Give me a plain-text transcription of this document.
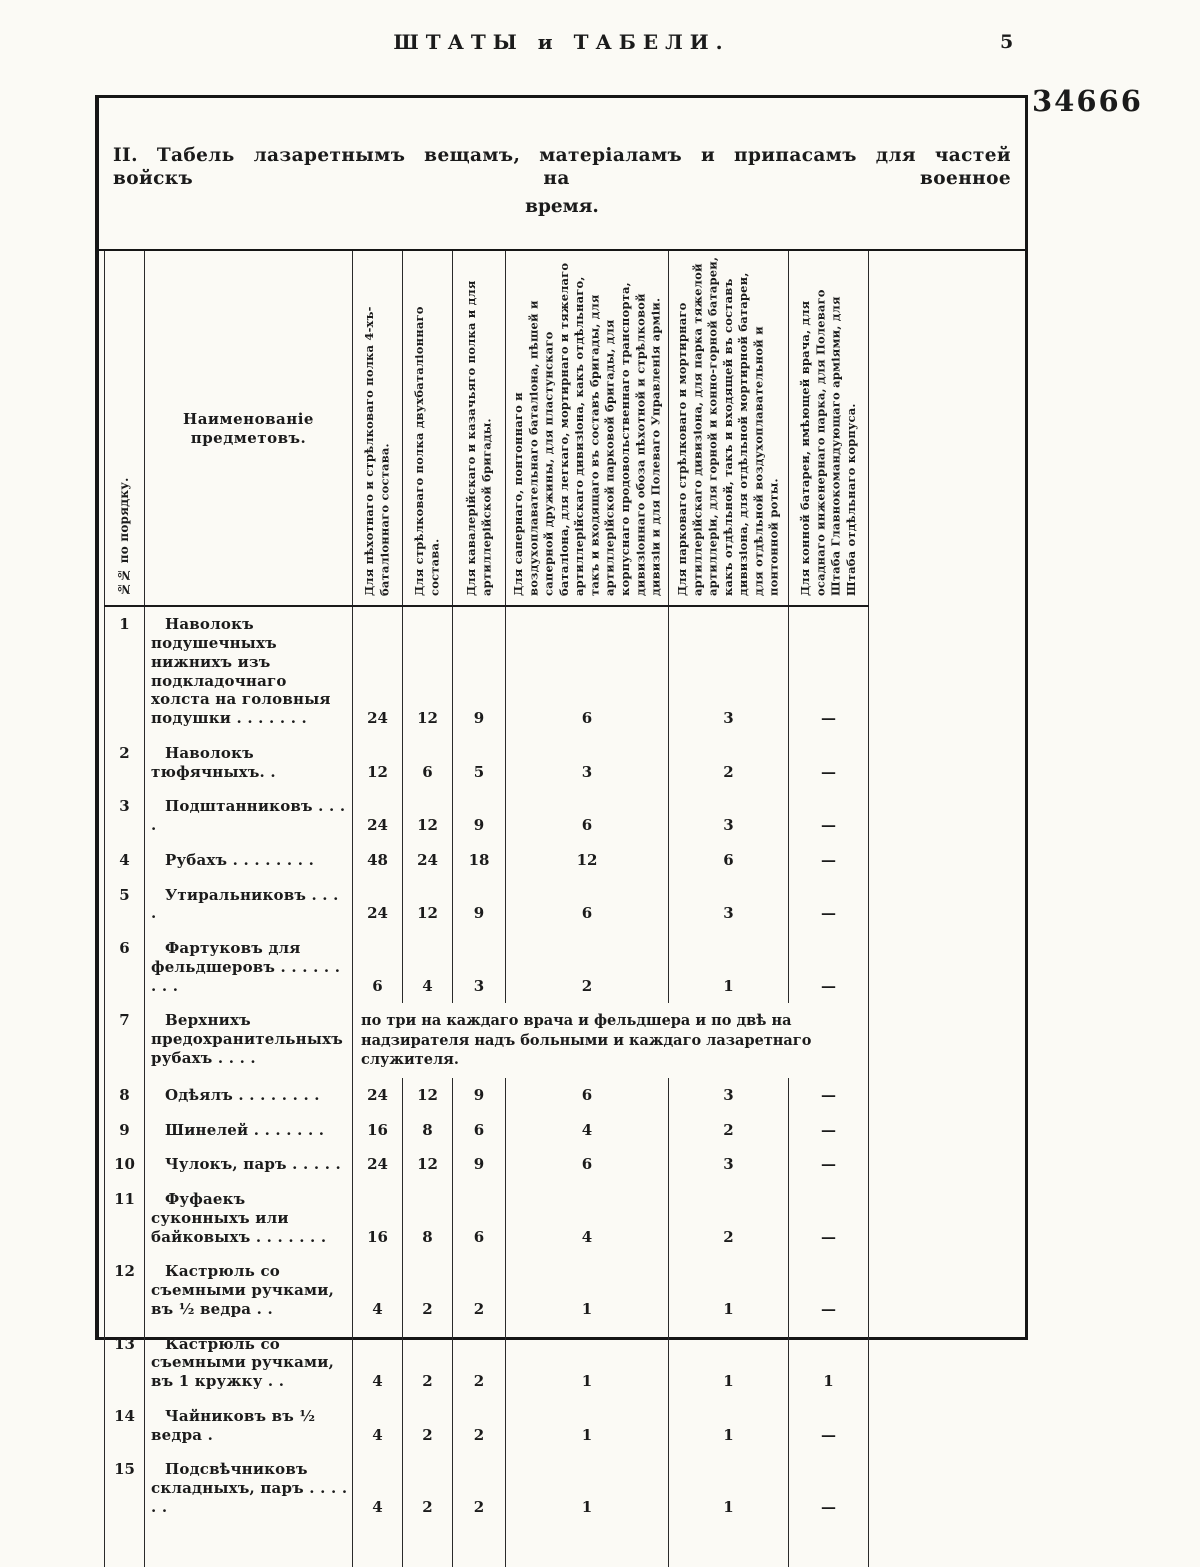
ШТАТЫ и ТАБЕЛИ.	5
34666
II. Табель лазаретнымъ вещамъ, матеріаламъ и припасамъ для частей войскъ на военное
время.
№№ по порядку.	Наименованіе предметовъ.	Для пѣхотнаго и стрѣлковаго полка 4-хъ-баталіоннаго состава.	Для стрѣлковаго полка двухбаталіоннаго состава.	Для кавалерійскаго и казачьяго полка и для артиллерійской бригады.	Для сапернаго, понтоннаго и воздухоплавательнаго баталіона, пѣшей и саперной дружины, для пластунскаго баталіона, для легкаго, мортирнаго и тяжелаго артиллерійскаго дивизіона, какъ отдѣльнаго, такъ и входящаго въ составъ бригады, для артиллерійской парковой бригады, для корпуснаго продовольственнаго транспорта, дивизіоннаго обоза пѣхотной и стрѣлковой дивизіи и для Полеваго Управленія арміи.	Для парковаго стрѣлковаго и мортирнаго артиллерійскаго дивизіона, для парка тяжелой артиллеріи, для горной и конно-горной батареи, какъ отдѣльной, такъ и входящей въ составъ дивизіона, для отдѣльной мортирной батареи, для отдѣльной воздухоплавательной и понтонной роты.	Для конной батареи, имѣющей врача, для осаднаго инженернаго парка, для Полеваго Штаба Главнокомандующаго арміями, для Штаба отдѣльнаго корпуса.
1	Наволокъ подушечныхъ нижнихъ изъ подкладочнаго холста на головныя подушки . . . . . . .	24	12	9	6	3	—
2	Наволокъ тюфячныхъ. .	12	6	5	3	2	—
3	Подштанниковъ . . . .	24	12	9	6	3	—
4	Рубахъ . . . . . . . .	48	24	18	12	6	—
5	Утиральниковъ . . . .	24	12	9	6	3	—
6	Фартуковъ для фельдшеровъ . . . . . . . . .	6	4	3	2	1	—
7	Верхнихъ предохранительныхъ рубахъ . . . .	по три на каждаго врача и фельдшера и по двѣ на надзирателя надъ больными и каждаго лазаретнаго служителя.					
8	Одѣялъ . . . . . . . .	24	12	9	6	3	—
9	Шинелей . . . . . . .	16	8	6	4	2	—
10	Чулокъ, паръ . . . . .	24	12	9	6	3	—
11	Фуфаекъ суконныхъ или байковыхъ . . . . . . .	16	8	6	4	2	—
12	Кастрюль со съемными ручками, въ ½ ведра . .	4	2	2	1	1	—
13	Кастрюль со съемными ручками, въ 1 кружку . .	4	2	2	1	1	1
14	Чайниковъ въ ½ ведра .	4	2	2	1	1	—
15	Подсвѣчниковъ складныхъ, паръ . . . . . .	4	2	2	1	1	—
